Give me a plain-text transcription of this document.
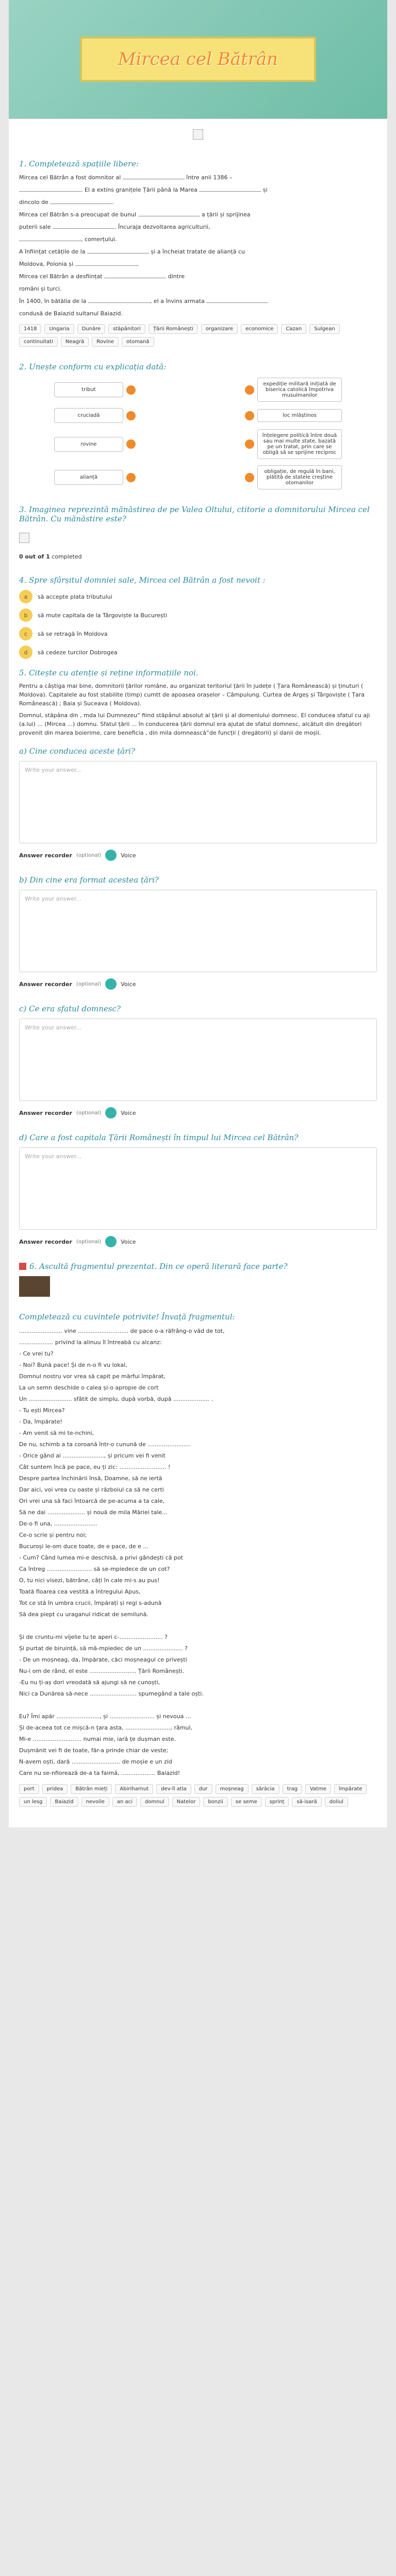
Mircea cel Bătrân
1. Completează spațiile libere:
Mircea cel Bătrân a fost domnitor al	între anii 1386 –
. El a extins granițele Țării până la Marea	și
dincolo de	.
Mircea cel Bătrân s-a preocupat de bunul	a țării și sprijinea
puterii sale	. Încuraja dezvoltarea agriculturii,
, comerțului.
A înființat cetățile de la	și a încheiat tratate de alianță cu
Moldova, Polonia și	.
Mircea cel Bătrân a desființat	dintre
români și turci.
În 1400, în bătălia de la	, el a învins armata
condusă de Baiazid sultanul Baiazid.
1418	Ungaria	Dunăre	stăpânitori	Țării Românești	organizare	economice	Cazan	Sulgean
continuitati	Neagră	Rovine	otomană
2. Unește conform cu explicația dată:
tribut
expediție militară inițiată de biserica catolică împotriva musulmanilor
cruciadă	loc mlăștinos
rovine
înțelegere politică între două sau mai multe state, bazată pe un tratat, prin care se obligă să se sprijine reciproc
alianță
obligație, de regulă în bani, plătită de statele creștine otomanilor
3. Imaginea reprezintă mănăstirea de pe Valea Oltului, ctitorie a domnitorului Mircea cel Bătrân. Cu mănăstire este?
0 out of 1 completed
4. Spre sfârșitul domniei sale, Mircea cel Bătrân a fost nevoit :
a	să accepte plata tributului
b	să mute capitala de la Târgoviște la București
c	să se retragă în Moldova
d	să cedeze turcilor Dobrogea
5. Citește cu atenție și reține informațiile noi.
Pentru a câștiga mai bine, domnitorii țărilor române, au organizat teritoriul țării în județe ( Țara Românească) și ținuturi ( Moldova). Capitalele au fost stabilite (timp) cumtt de apoasea orașelor – Câmpulung. Curtea de Argeș și Târgoviște ( Țara Românească) ; Baia și Suceava ( Moldova).
Domnul, stăpâna din , mda lui Dumnezeu” fiind stăpânul absolut al țării și al domeniului domnesc. El conducea sfatul cu aji (a.lui) ... (Mircea ...) domnu. Sfatul țării ... în conducerea țării domnul era ajutat de sfatul domnesc, alcătuit din dregători provenit din marea boierime, care beneficia , din mila domnească”de funcții ( dregătorii) și danii de moșii.
a) Cine conducea aceste țări?
Write your answer...
Answer recorder (optional)	Voice
b) Din cine era format acestea țări?
Write your answer...
Answer recorder (optional)	Voice
c) Ce era sfatul domnesc?
Write your answer...
Answer recorder (optional)	Voice
d) Care a fost capitala Țării Românești în timpul lui Mircea cel Bătrân?
Write your answer...
Answer recorder (optional)	Voice
6. Ascultă fragmentul prezentat. Din ce operă literară face parte?
Completează cu cuvintele potrivite! Învață fragmentul:
........................ vine ............................ de pace o-a răfrâng-o văd de tot,
................... privind la alinuu îl întreabă cu alcanz:
- Ce vrei tu?
- Noi? Bună pace! Și de n-o fi vu lokal,
Domnul nostru vor vrea să capit pe mărfui împărat,
La un semn deschide o calea și-o apropie de cort
Un ........................ sfâtit de simplu, după vorbă, după .................... .
- Tu ești Mircea?
- Da, împărate!
- Am venit să mi te-nchini,
De nu, schimb a ta coroană într-o cunună de ........................
- Orice gând ai ......................., și pricum vei fi venit
Cât suntem încă pe pace, eu ți zic: .......................... !
Despre partea închinării însă, Doamne, să ne iertă
Dar aici, voi vrea cu oaste și războiul ca să ne certi
Ori vrei una să faci întoarcă de pe-acuma a ta cale,
Să ne dai ..................... și nouă de mila Măriei tale...
De-o fi una, ........................
Ce-o scrie și pentru noi;
Bucuroși le-om duce toate, de e pace, de e ...
- Cum? Când lumea mi-e deschisă, a privi gândești că pot
Ca întreg ......................... să se-mpiedece de un cot?
O, tu nici visezi, bătrâne, câți în cale mi-s au pus!
Toată floarea cea vestită a întregului Apus,
Tot ce stă în umbra crucii, împărați și regi s-adună
Să dea piept cu uraganul ridicat de semilună.
Și de cruntu-mi vijelie tu te aperi c-........................ ?
Și purtat de biruință, să mă-mpiedec de un ...................... ?
- De un moșneag, da, împărate, căci moșneagul ce privești
Nu-i om de rând, el este .......................... Țării Românești.
-Eu nu ți-aș dori vreodată să ajungi să ne cunoști,
Nici ca Dunărea să-nece .......................... spumegând a tale oști.
Eu? Îmi apăr ........................, și ......................... și nevoua ...
Și de-aceea tot ce mișcă-n țara asta, ........................., râmul,
Mi-e ........................... numai mie, iară țe dușman este.
Dușmănit vei fi de toate, făr-a prinde chiar de veste;
N-avem oști, dară ........................... de moșie e un zid
Care nu se-nfiorează de-a ta faimă, ................... Baiazid!
port	pridea	Bătrân mieți	Abiriharnut	dev-îl atla	dur	moșneag	sărăcia	trag	Vatme	împărate
un lesg	Baiazid	nevoile	an aci	domnul	Natelor	bonzii	se seme	sprinț	să-isară	doliul
